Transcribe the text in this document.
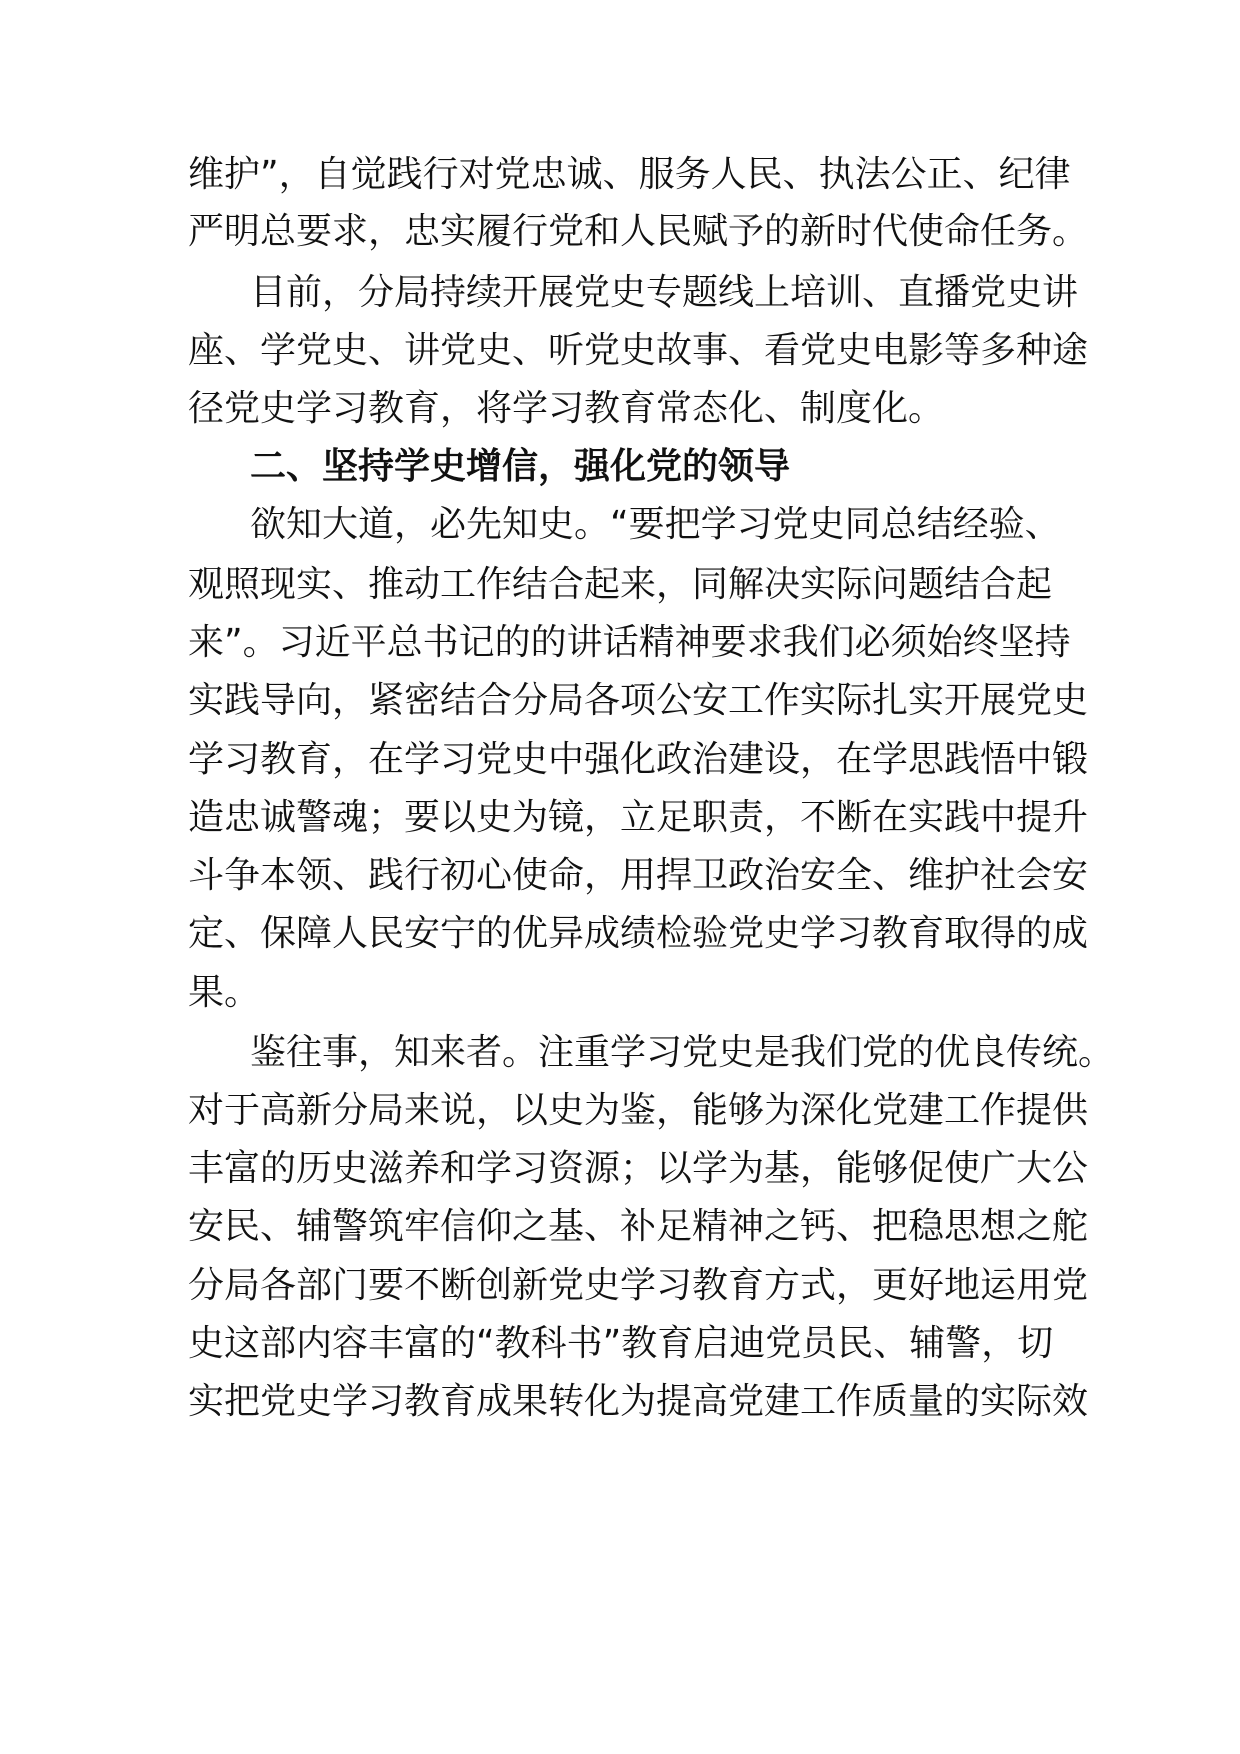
维护”，自觉践行对党忠诚、服务人民、执法公正、纪律
严明总要求，忠实履行党和人民赋予的新时代使命任务。
目前，分局持续开展党史专题线上培训、直播党史讲
座、学党史、讲党史、听党史故事、看党史电影等多种途
径党史学习教育，将学习教育常态化、制度化。
二、坚持学史增信，强化党的领导
欲知大道，必先知史。“要把学习党史同总结经验、
观照现实、推动工作结合起来，同解决实际问题结合起
来”。习近平总书记的的讲话精神要求我们必须始终坚持
实践导向，紧密结合分局各项公安工作实际扎实开展党史
学习教育，在学习党史中强化政治建设，在学思践悟中锻
造忠诚警魂；要以史为镜，立足职责，不断在实践中提升
斗争本领、践行初心使命，用捍卫政治安全、维护社会安
定、保障人民安宁的优异成绩检验党史学习教育取得的成
果。
鉴往事，知来者。注重学习党史是我们党的优良传统。
对于高新分局来说，以史为鉴，能够为深化党建工作提供
丰富的历史滋养和学习资源；以学为基，能够促使广大公
安民、辅警筑牢信仰之基、补足精神之钙、把稳思想之舵
分局各部门要不断创新党史学习教育方式，更好地运用党
史这部内容丰富的“教科书”教育启迪党员民、辅警，切
实把党史学习教育成果转化为提高党建工作质量的实际效
